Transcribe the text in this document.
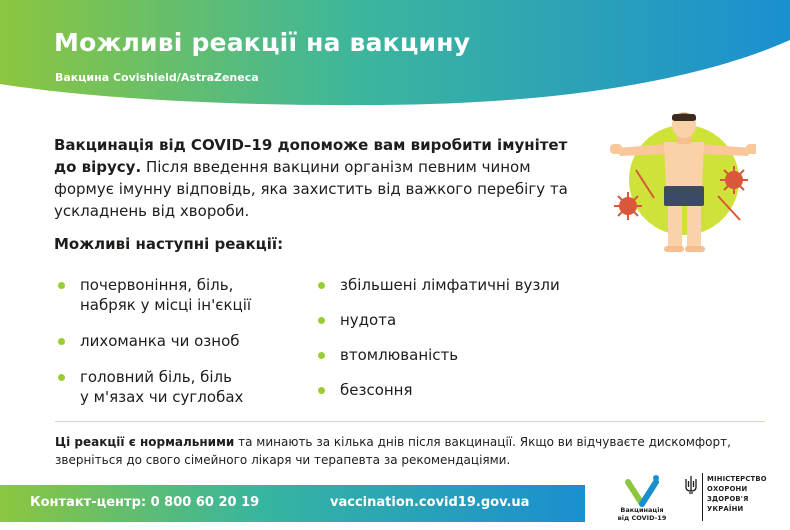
Можливі реакції на вакцину
Вакцина Covishield/AstraZeneca
Вакцинація від COVID–19 допоможе вам виробити імунітет до вірусу. Після введення вакцини організм певним чином формує імунну відповідь, яка захистить від важкого перебігу та ускладнень від хвороби.
Можливі наступні реакції:
почервоніння, біль,
набряк у місці ін'єкції
лихоманка чи озноб
головний біль, біль
у м'язах чи суглобах
збільшені лімфатичні вузли
нудота
втомлюваність
безсоння
Ці реакції є нормальними та минають за кілька днів після вакцинації. Якщо ви відчуваєте дискомфорт, зверніться до свого сімейного лікаря чи терапевта за рекомендаціями.
Контакт-центр: 0 800 60 20 19	vaccination.covid19.gov.ua	Вакцинація
від COVID-19
МІНІСТЕРСТВО
ОХОРОНИ
ЗДОРОВ'Я
УКРАЇНИ
